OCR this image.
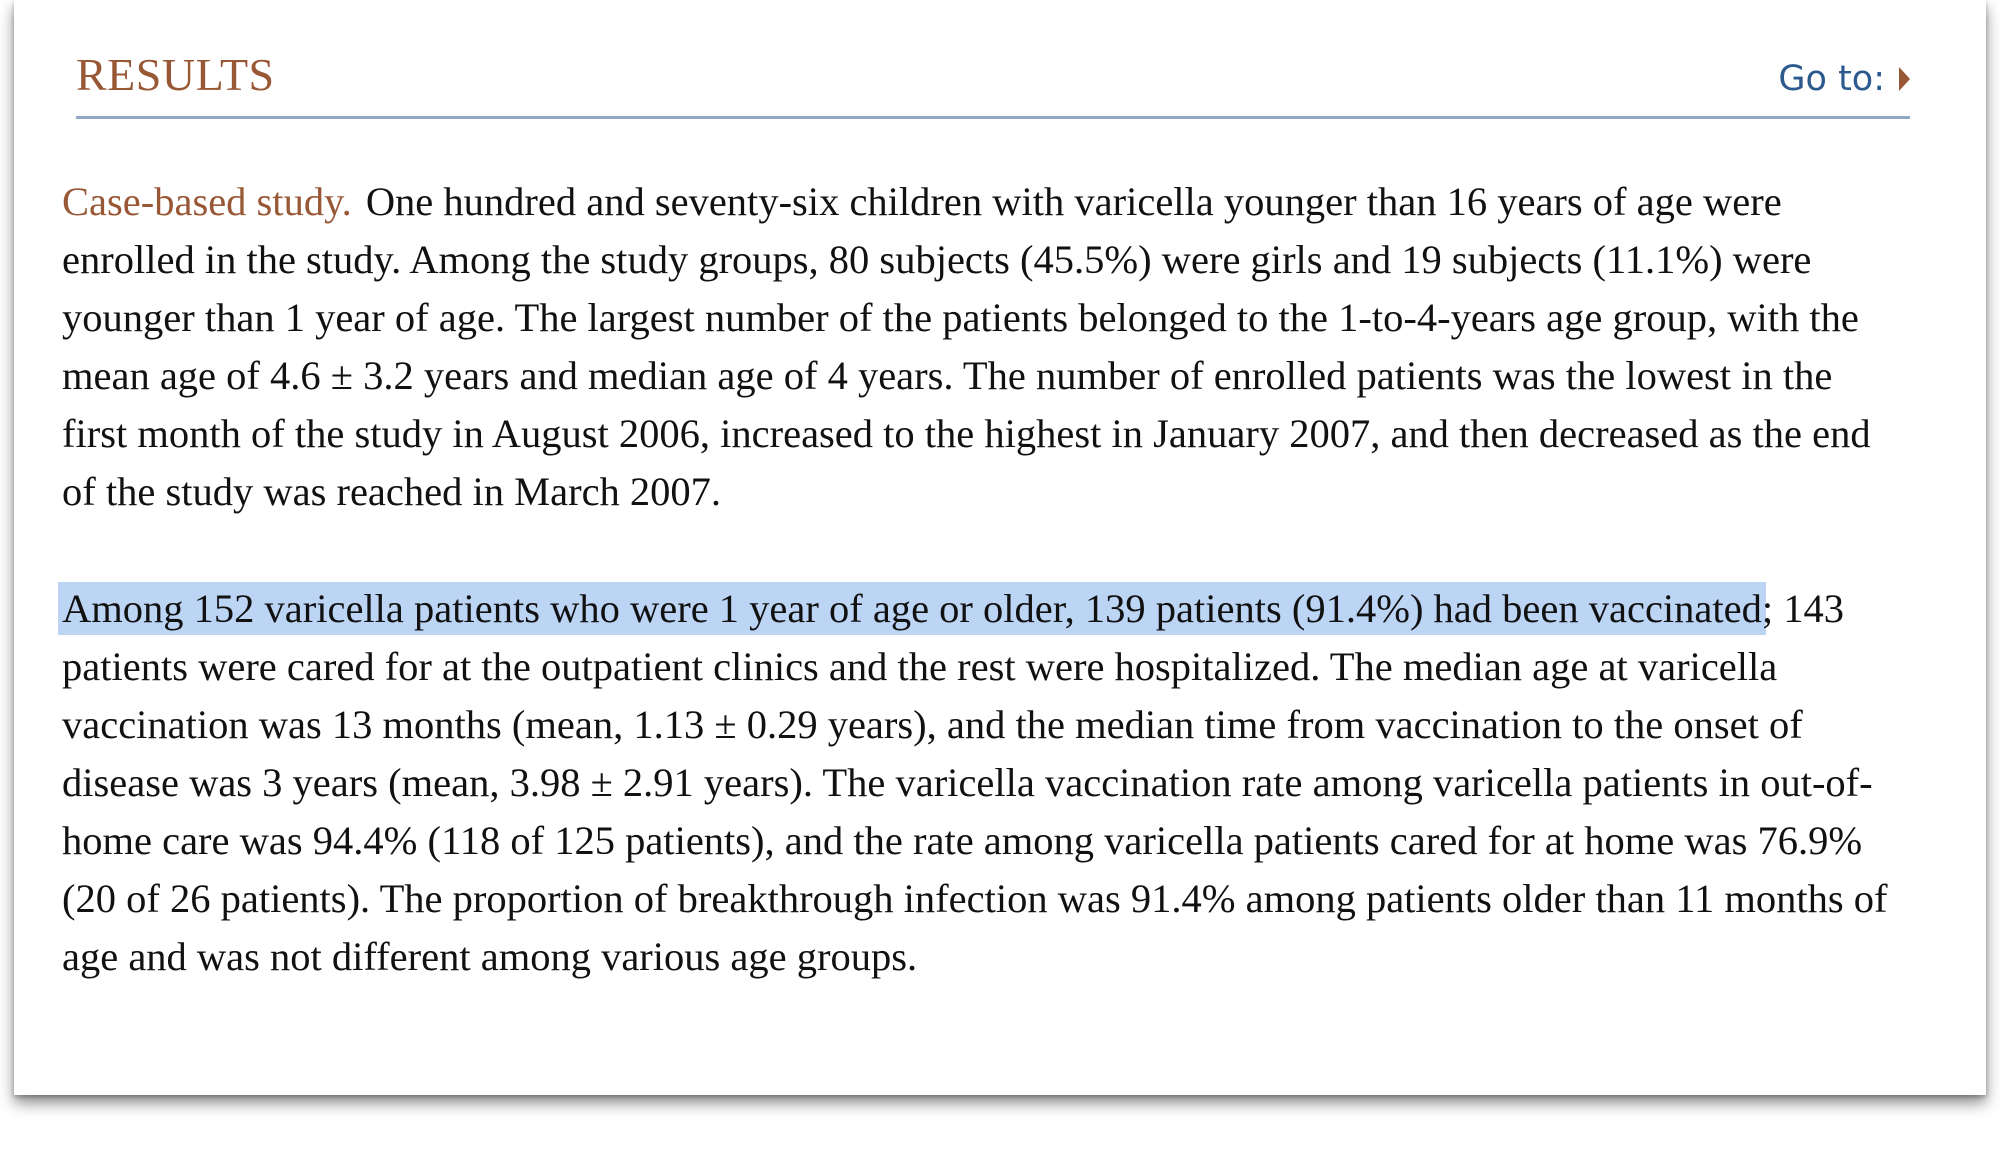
RESULTS	Go to:

Case-based study. One hundred and seventy-six children with varicella younger than 16 years of age were enrolled in the study. Among the study groups, 80 subjects (45.5%) were girls and 19 subjects (11.1%) were younger than 1 year of age. The largest number of the patients belonged to the 1-to-4-years age group, with the mean age of 4.6 ± 3.2 years and median age of 4 years. The number of enrolled patients was the lowest in the first month of the study in August 2006, increased to the highest in January 2007, and then decreased as the end of the study was reached in March 2007.

Among 152 varicella patients who were 1 year of age or older, 139 patients (91.4%) had been vaccinated; 143 patients were cared for at the outpatient clinics and the rest were hospitalized. The median age at varicella vaccination was 13 months (mean, 1.13 ± 0.29 years), and the median time from vaccination to the onset of disease was 3 years (mean, 3.98 ± 2.91 years). The varicella vaccination rate among varicella patients in out-of-home care was 94.4% (118 of 125 patients), and the rate among varicella patients cared for at home was 76.9% (20 of 26 patients). The proportion of breakthrough infection was 91.4% among patients older than 11 months of age and was not different among various age groups.
